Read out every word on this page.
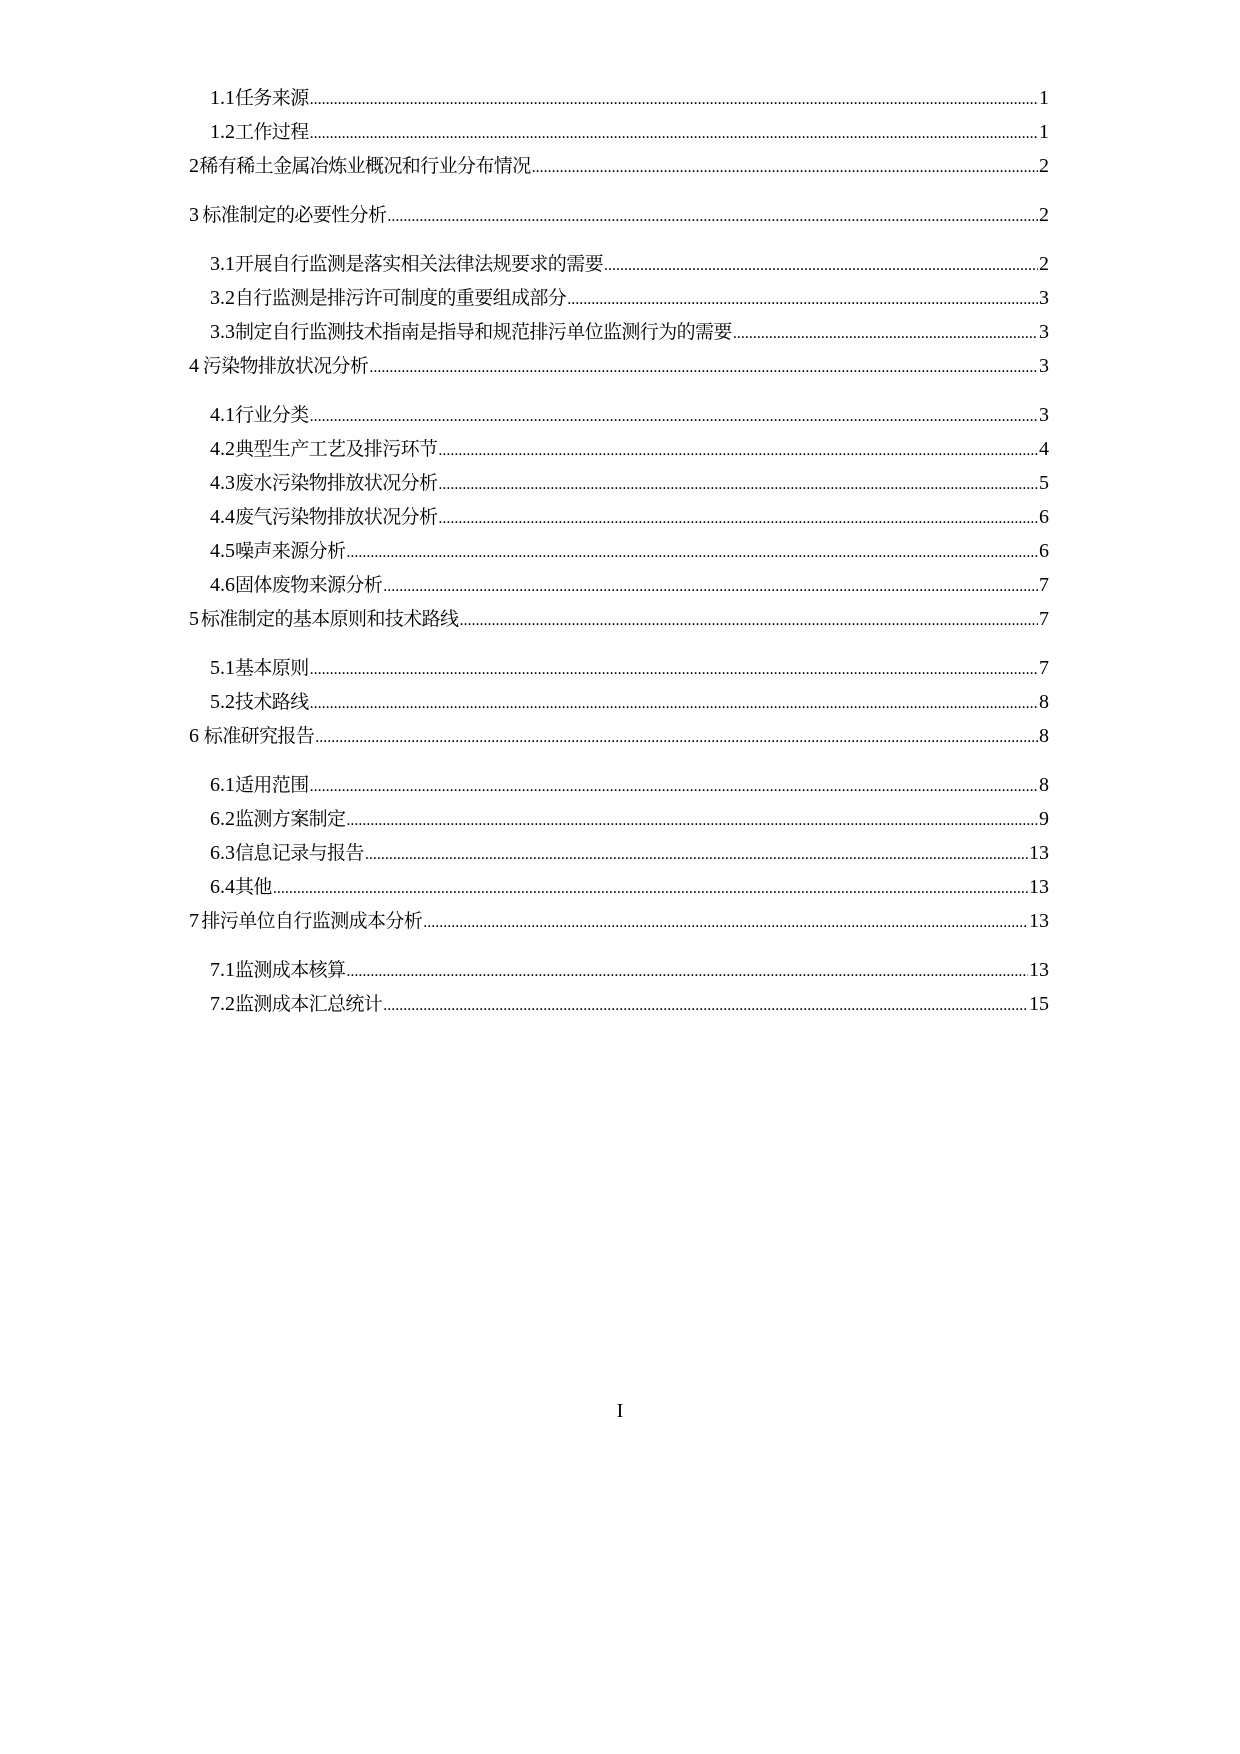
1.1 任务来源 .....	1
1.2 工作过程 .....	1
2 稀有稀土金属冶炼业概况和行业分布情况 .....	2
3 标准制定的必要性分析 .....	2
3.1 开展自行监测是落实相关法律法规要求的需要 .....	2
3.2 自行监测是排污许可制度的重要组成部分 .....	3
3.3 制定自行监测技术指南是指导和规范排污单位监测行为的需要 .....	3
4 污染物排放状况分析 .....	3
4.1 行业分类 .....	3
4.2 典型生产工艺及排污环节 .....	4
4.3 废水污染物排放状况分析 .....	5
4.4 废气污染物排放状况分析 .....	6
4.5 噪声来源分析 .....	6
4.6 固体废物来源分析 .....	7
5 标准制定的基本原则和技术路线 .....	7
5.1 基本原则 .....	7
5.2 技术路线 .....	8
6 标准研究报告 .....	8
6.1 适用范围 .....	8
6.2 监测方案制定 .....	9
6.3 信息记录与报告 .....	13
6.4 其他 .....	13
7 排污单位自行监测成本分析 .....	13
7.1 监测成本核算 .....	13
7.2 监测成本汇总统计 .....	15
I
